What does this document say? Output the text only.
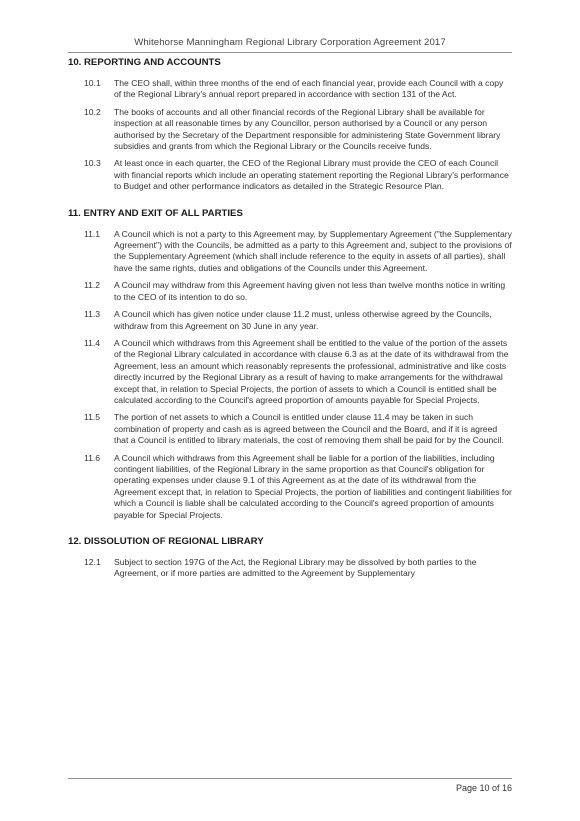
Whitehorse Manningham Regional Library Corporation Agreement 2017
10. REPORTING AND ACCOUNTS
10.1	The CEO shall, within three months of the end of each financial year, provide each Council with a copy of the Regional Library's annual report prepared in accordance with section 131 of the Act.
10.2	The books of accounts and all other financial records of the Regional Library shall be available for inspection at all reasonable times by any Councillor, person authorised by a Council or any person authorised by the Secretary of the Department responsible for administering State Government library subsidies and grants from which the Regional Library or the Councils receive funds.
10.3	At least once in each quarter, the CEO of the Regional Library must provide the CEO of each Council with financial reports which include an operating statement reporting the Regional Library's performance to Budget and other performance indicators as detailed in the Strategic Resource Plan.
11. ENTRY AND EXIT OF ALL PARTIES
11.1	A Council which is not a party to this Agreement may, by Supplementary Agreement ("the Supplementary Agreement") with the Councils, be admitted as a party to this Agreement and, subject to the provisions of the Supplementary Agreement (which shall include reference to the equity in assets of all parties), shall have the same rights, duties and obligations of the Councils under this Agreement.
11.2	A Council may withdraw from this Agreement having given not less than twelve months notice in writing to the CEO of its intention to do so.
11.3	A Council which has given notice under clause 11.2 must, unless otherwise agreed by the Councils, withdraw from this Agreement on 30 June in any year.
11.4	A Council which withdraws from this Agreement shall be entitled to the value of the portion of the assets of the Regional Library calculated in accordance with clause 6.3 as at the date of its withdrawal from the Agreement, less an amount which reasonably represents the professional, administrative and like costs directly incurred by the Regional Library as a result of having to make arrangements for the withdrawal except that, in relation to Special Projects, the portion of assets to which a Council is entitled shall be calculated according to the Council's agreed proportion of amounts payable for Special Projects.
11.5	The portion of net assets to which a Council is entitled under clause 11.4 may be taken in such combination of property and cash as is agreed between the Council and the Board, and if it is agreed that a Council is entitled to library materials, the cost of removing them shall be paid for by the Council.
11.6	A Council which withdraws from this Agreement shall be liable for a portion of the liabilities, including contingent liabilities, of the Regional Library in the same proportion as that Council's obligation for operating expenses under clause 9.1 of this Agreement as at the date of its withdrawal from the Agreement except that, in relation to Special Projects, the portion of liabilities and contingent liabilities for which a Council is liable shall be calculated according to the Council's agreed proportion of amounts payable for Special Projects.
12. DISSOLUTION OF REGIONAL LIBRARY
12.1	Subject to section 197G of the Act, the Regional Library may be dissolved by both parties to the Agreement, or if more parties are admitted to the Agreement by Supplementary
Page 10 of 16
